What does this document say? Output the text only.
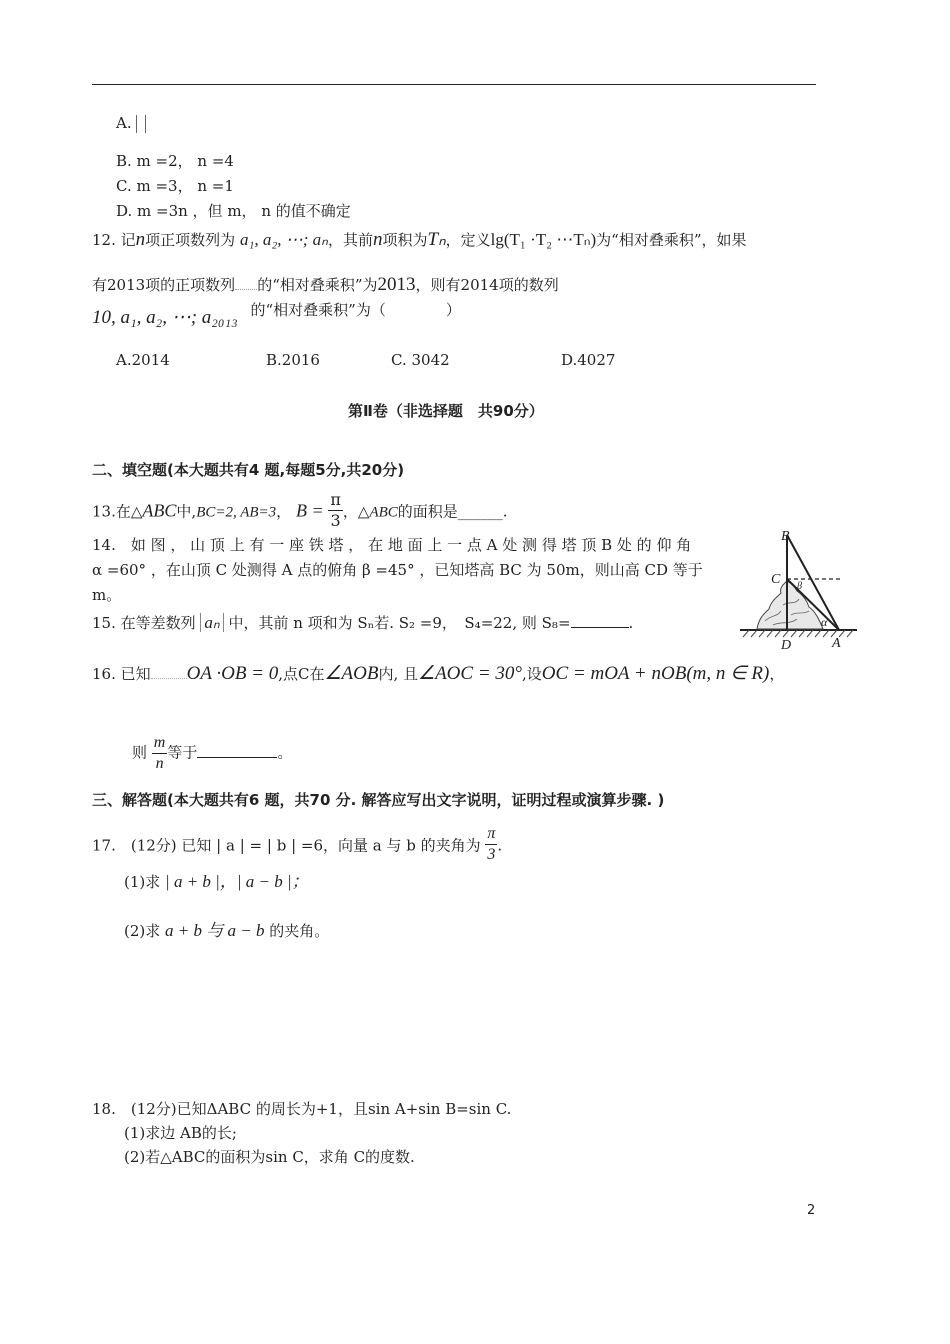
A.
B. m =2， n =4
C. m =3， n =1
D. m =3n ，但 m， n 的值不确定
12. 记n项正项数列为 a₁, a₂, ⋯; aₙ，其前n项积为Tₙ，定义lg(T₁ ·T₂ ⋯Tₙ)为“相对叠乘积”，如果
有2013项的正项数列 的“相对叠乘积”为2013，则有2014项的数列
10, a₁, a₂, ⋯; a₂₀₁₃ 的“相对叠乘积”为（　　　　）
A.2014	B.2016	C. 3042	D.4027
第Ⅱ卷（非选择题　共90分）
二、填空题(本大题共有4 题,每题5分,共20分)
13.在△ABC中,BC=2, AB=3， $B = \frac{\pi}{3}$ ，△ABC的面积是______.
14.　如 图 ， 山 顶 上 有 一 座 铁 塔 ， 在 地 面 上 一 点 A 处 测 得 塔 顶 B 处 的 仰 角
α =60° ，在山顶 C 处测得 A 点的俯角 β =45° ，已知塔高 BC 为 50m，则山高 CD 等于
m。
B
C β
α
D	A
15. 在等差数列 aₙ 中，其前 n 项和为 Sₙ若. S₂ =9，　S₄=22, 则 S₈=	.
16. 已知 OA ·OB = 0,点C在∠AOB内, 且∠AOC = 30°,设OC = mOA + nOB(m, n ∈ R)，
则 $\frac{m}{n}$ 等于	。
三、解答题(本大题共有6 题，共70 分. 解答应写出文字说明，证明过程或演算步骤. )
17.　(12分) 已知 | a | = | b | =6，向量 a 与 b 的夹角为 $\frac{\pi}{3}$ .
(1)求 | a + b |，| a − b |；
(2)求 a + b 与 a − b 的夹角。
18.　(12分)已知ΔABC 的周长为+1，且sin A+sin B=sin C.
(1)求边 AB的长;
(2)若△ABC的面积为sin C，求角 C的度数.
2
